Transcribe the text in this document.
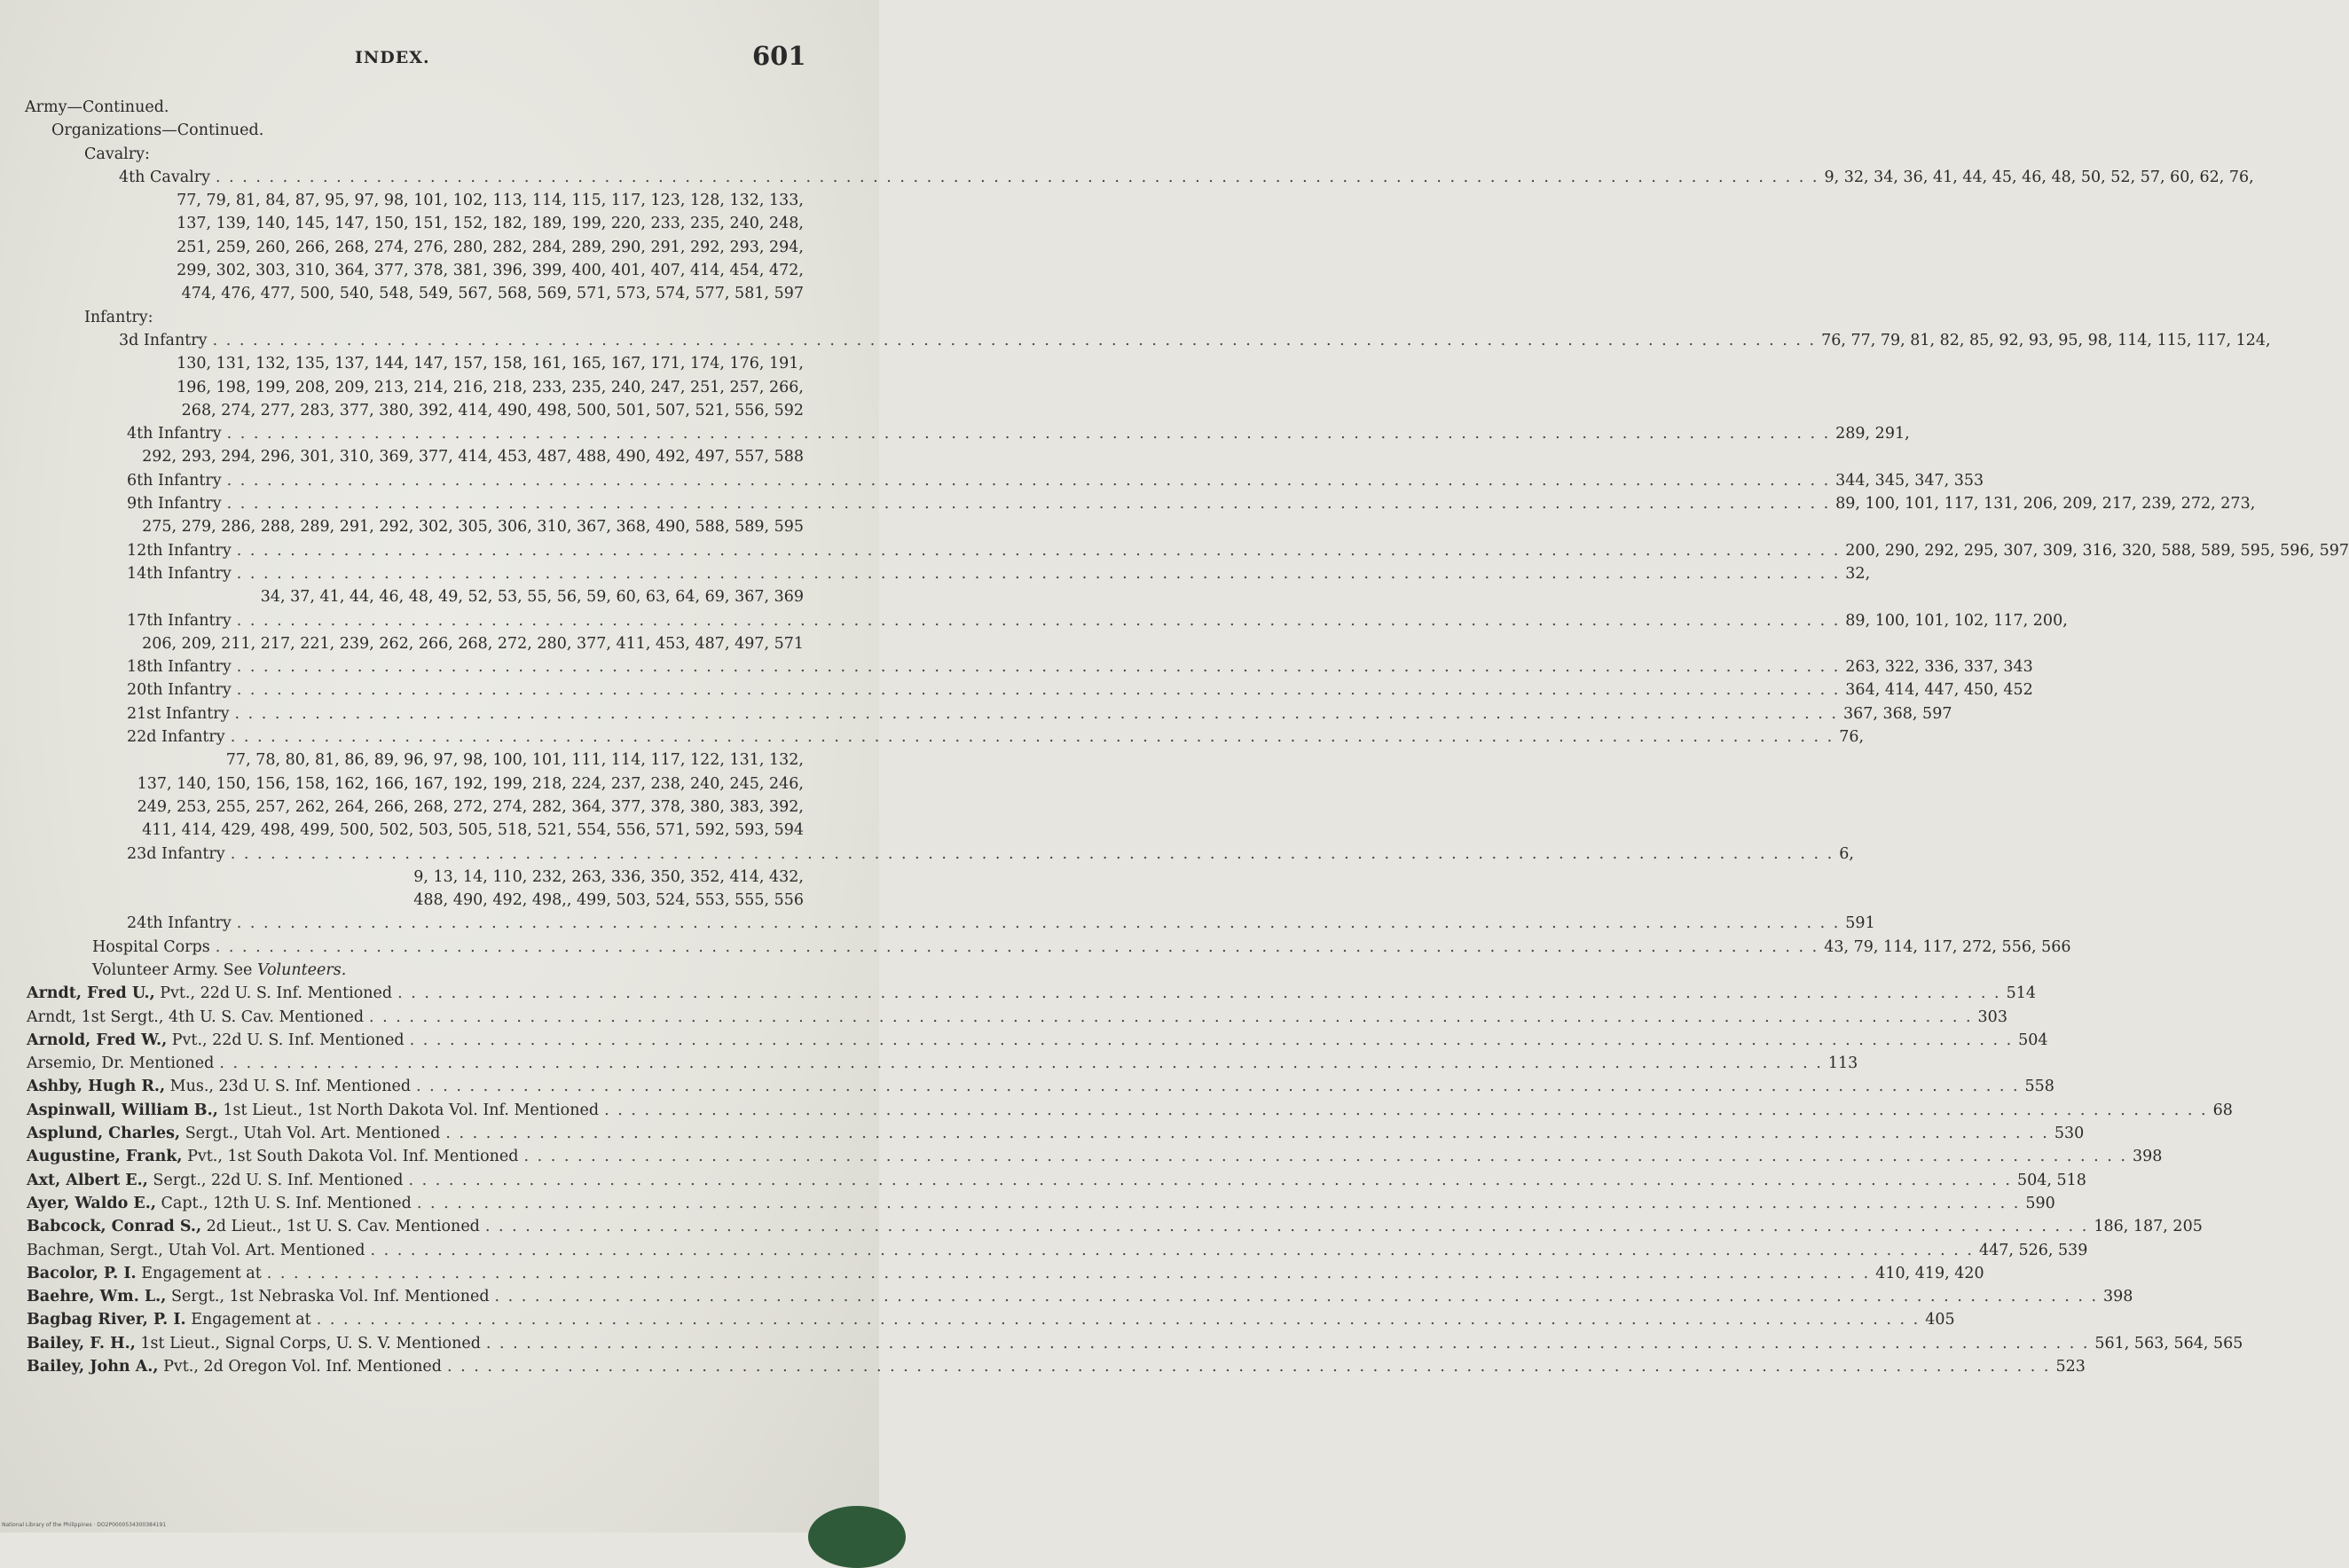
INDEX.	601
Army—Continued.
Organizations—Continued.
Cavalry:
4th Cavalry . . . . . . . . . . . . . . . . . . . . . . . . . . . . . . . . . . . . . . . . . . . . . . . . . . . . . . . . . . . . . . . . . . . . . . . . . . . . . . . . . . . . . . . . . . . . . . . . . . . . . . . . . . . . . . . . . . . . . . . . 9, 32, 34, 36, 41, 44, 45, 46, 48, 50, 52, 57, 60, 62, 76,
77, 79, 81, 84, 87, 95, 97, 98, 101, 102, 113, 114, 115, 117, 123, 128, 132, 133,
137, 139, 140, 145, 147, 150, 151, 152, 182, 189, 199, 220, 233, 235, 240, 248,
251, 259, 260, 266, 268, 274, 276, 280, 282, 284, 289, 290, 291, 292, 293, 294,
299, 302, 303, 310, 364, 377, 378, 381, 396, 399, 400, 401, 407, 414, 454, 472,
474, 476, 477, 500, 540, 548, 549, 567, 568, 569, 571, 573, 574, 577, 581, 597
Infantry:
3d Infantry . . . . . . . . . . . . . . . . . . . . . . . . . . . . . . . . . . . . . . . . . . . . . . . . . . . . . . . . . . . . . . . . . . . . . . . . . . . . . . . . . . . . . . . . . . . . . . . . . . . . . . . . . . . . . . . . . . . . . . . . 76, 77, 79, 81, 82, 85, 92, 93, 95, 98, 114, 115, 117, 124,
130, 131, 132, 135, 137, 144, 147, 157, 158, 161, 165, 167, 171, 174, 176, 191,
196, 198, 199, 208, 209, 213, 214, 216, 218, 233, 235, 240, 247, 251, 257, 266,
268, 274, 277, 283, 377, 380, 392, 414, 490, 498, 500, 501, 507, 521, 556, 592
4th Infantry . . . . . . . . . . . . . . . . . . . . . . . . . . . . . . . . . . . . . . . . . . . . . . . . . . . . . . . . . . . . . . . . . . . . . . . . . . . . . . . . . . . . . . . . . . . . . . . . . . . . . . . . . . . . . . . . . . . . . . . . 289, 291,
292, 293, 294, 296, 301, 310, 369, 377, 414, 453, 487, 488, 490, 492, 497, 557, 588
6th Infantry . . . . . . . . . . . . . . . . . . . . . . . . . . . . . . . . . . . . . . . . . . . . . . . . . . . . . . . . . . . . . . . . . . . . . . . . . . . . . . . . . . . . . . . . . . . . . . . . . . . . . . . . . . . . . . . . . . . . . . . . 344, 345, 347, 353
9th Infantry . . . . . . . . . . . . . . . . . . . . . . . . . . . . . . . . . . . . . . . . . . . . . . . . . . . . . . . . . . . . . . . . . . . . . . . . . . . . . . . . . . . . . . . . . . . . . . . . . . . . . . . . . . . . . . . . . . . . . . . . 89, 100, 101, 117, 131, 206, 209, 217, 239, 272, 273,
275, 279, 286, 288, 289, 291, 292, 302, 305, 306, 310, 367, 368, 490, 588, 589, 595
12th Infantry . . . . . . . . . . . . . . . . . . . . . . . . . . . . . . . . . . . . . . . . . . . . . . . . . . . . . . . . . . . . . . . . . . . . . . . . . . . . . . . . . . . . . . . . . . . . . . . . . . . . . . . . . . . . . . . . . . . . . . . . 200, 290, 292, 295, 307, 309, 316, 320, 588, 589, 595, 596, 597
14th Infantry . . . . . . . . . . . . . . . . . . . . . . . . . . . . . . . . . . . . . . . . . . . . . . . . . . . . . . . . . . . . . . . . . . . . . . . . . . . . . . . . . . . . . . . . . . . . . . . . . . . . . . . . . . . . . . . . . . . . . . . . 32,
34, 37, 41, 44, 46, 48, 49, 52, 53, 55, 56, 59, 60, 63, 64, 69, 367, 369
17th Infantry . . . . . . . . . . . . . . . . . . . . . . . . . . . . . . . . . . . . . . . . . . . . . . . . . . . . . . . . . . . . . . . . . . . . . . . . . . . . . . . . . . . . . . . . . . . . . . . . . . . . . . . . . . . . . . . . . . . . . . . . 89, 100, 101, 102, 117, 200,
206, 209, 211, 217, 221, 239, 262, 266, 268, 272, 280, 377, 411, 453, 487, 497, 571
18th Infantry . . . . . . . . . . . . . . . . . . . . . . . . . . . . . . . . . . . . . . . . . . . . . . . . . . . . . . . . . . . . . . . . . . . . . . . . . . . . . . . . . . . . . . . . . . . . . . . . . . . . . . . . . . . . . . . . . . . . . . . . 263, 322, 336, 337, 343
20th Infantry . . . . . . . . . . . . . . . . . . . . . . . . . . . . . . . . . . . . . . . . . . . . . . . . . . . . . . . . . . . . . . . . . . . . . . . . . . . . . . . . . . . . . . . . . . . . . . . . . . . . . . . . . . . . . . . . . . . . . . . . 364, 414, 447, 450, 452
21st Infantry . . . . . . . . . . . . . . . . . . . . . . . . . . . . . . . . . . . . . . . . . . . . . . . . . . . . . . . . . . . . . . . . . . . . . . . . . . . . . . . . . . . . . . . . . . . . . . . . . . . . . . . . . . . . . . . . . . . . . . . . 367, 368, 597
22d Infantry . . . . . . . . . . . . . . . . . . . . . . . . . . . . . . . . . . . . . . . . . . . . . . . . . . . . . . . . . . . . . . . . . . . . . . . . . . . . . . . . . . . . . . . . . . . . . . . . . . . . . . . . . . . . . . . . . . . . . . . . 76,
77, 78, 80, 81, 86, 89, 96, 97, 98, 100, 101, 111, 114, 117, 122, 131, 132,
137, 140, 150, 156, 158, 162, 166, 167, 192, 199, 218, 224, 237, 238, 240, 245, 246,
249, 253, 255, 257, 262, 264, 266, 268, 272, 274, 282, 364, 377, 378, 380, 383, 392,
411, 414, 429, 498, 499, 500, 502, 503, 505, 518, 521, 554, 556, 571, 592, 593, 594
23d Infantry . . . . . . . . . . . . . . . . . . . . . . . . . . . . . . . . . . . . . . . . . . . . . . . . . . . . . . . . . . . . . . . . . . . . . . . . . . . . . . . . . . . . . . . . . . . . . . . . . . . . . . . . . . . . . . . . . . . . . . . . 6,
9, 13, 14, 110, 232, 263, 336, 350, 352, 414, 432,
488, 490, 492, 498,, 499, 503, 524, 553, 555, 556
24th Infantry . . . . . . . . . . . . . . . . . . . . . . . . . . . . . . . . . . . . . . . . . . . . . . . . . . . . . . . . . . . . . . . . . . . . . . . . . . . . . . . . . . . . . . . . . . . . . . . . . . . . . . . . . . . . . . . . . . . . . . . . 591
Hospital Corps . . . . . . . . . . . . . . . . . . . . . . . . . . . . . . . . . . . . . . . . . . . . . . . . . . . . . . . . . . . . . . . . . . . . . . . . . . . . . . . . . . . . . . . . . . . . . . . . . . . . . . . . . . . . . . . . . . . . . . . . 43, 79, 114, 117, 272, 556, 566
Volunteer Army. See Volunteers.
Arndt, Fred U., Pvt., 22d U. S. Inf. Mentioned . . . . . . . . . . . . . . . . . . . . . . . . . . . . . . . . . . . . . . . . . . . . . . . . . . . . . . . . . . . . . . . . . . . . . . . . . . . . . . . . . . . . . . . . . . . . . . . . . . . . . . . . . . . . . . . . . . . . . . . . 514
Arndt, 1st Sergt., 4th U. S. Cav. Mentioned . . . . . . . . . . . . . . . . . . . . . . . . . . . . . . . . . . . . . . . . . . . . . . . . . . . . . . . . . . . . . . . . . . . . . . . . . . . . . . . . . . . . . . . . . . . . . . . . . . . . . . . . . . . . . . . . . . . . . . . . 303
Arnold, Fred W., Pvt., 22d U. S. Inf. Mentioned . . . . . . . . . . . . . . . . . . . . . . . . . . . . . . . . . . . . . . . . . . . . . . . . . . . . . . . . . . . . . . . . . . . . . . . . . . . . . . . . . . . . . . . . . . . . . . . . . . . . . . . . . . . . . . . . . . . . . . . . 504
Arsemio, Dr. Mentioned . . . . . . . . . . . . . . . . . . . . . . . . . . . . . . . . . . . . . . . . . . . . . . . . . . . . . . . . . . . . . . . . . . . . . . . . . . . . . . . . . . . . . . . . . . . . . . . . . . . . . . . . . . . . . . . . . . . . . . . . 113
Ashby, Hugh R., Mus., 23d U. S. Inf. Mentioned . . . . . . . . . . . . . . . . . . . . . . . . . . . . . . . . . . . . . . . . . . . . . . . . . . . . . . . . . . . . . . . . . . . . . . . . . . . . . . . . . . . . . . . . . . . . . . . . . . . . . . . . . . . . . . . . . . . . . . . . 558
Aspinwall, William B., 1st Lieut., 1st North Dakota Vol. Inf. Mentioned . . . . . . . . . . . . . . . . . . . . . . . . . . . . . . . . . . . . . . . . . . . . . . . . . . . . . . . . . . . . . . . . . . . . . . . . . . . . . . . . . . . . . . . . . . . . . . . . . . . . . . . . . . . . . . . . . . . . . . . . 68
Asplund, Charles, Sergt., Utah Vol. Art. Mentioned . . . . . . . . . . . . . . . . . . . . . . . . . . . . . . . . . . . . . . . . . . . . . . . . . . . . . . . . . . . . . . . . . . . . . . . . . . . . . . . . . . . . . . . . . . . . . . . . . . . . . . . . . . . . . . . . . . . . . . . . 530
Augustine, Frank, Pvt., 1st South Dakota Vol. Inf. Mentioned . . . . . . . . . . . . . . . . . . . . . . . . . . . . . . . . . . . . . . . . . . . . . . . . . . . . . . . . . . . . . . . . . . . . . . . . . . . . . . . . . . . . . . . . . . . . . . . . . . . . . . . . . . . . . . . . . . . . . . . . 398
Axt, Albert E., Sergt., 22d U. S. Inf. Mentioned . . . . . . . . . . . . . . . . . . . . . . . . . . . . . . . . . . . . . . . . . . . . . . . . . . . . . . . . . . . . . . . . . . . . . . . . . . . . . . . . . . . . . . . . . . . . . . . . . . . . . . . . . . . . . . . . . . . . . . . . 504, 518
Ayer, Waldo E., Capt., 12th U. S. Inf. Mentioned . . . . . . . . . . . . . . . . . . . . . . . . . . . . . . . . . . . . . . . . . . . . . . . . . . . . . . . . . . . . . . . . . . . . . . . . . . . . . . . . . . . . . . . . . . . . . . . . . . . . . . . . . . . . . . . . . . . . . . . . 590
Babcock, Conrad S., 2d Lieut., 1st U. S. Cav. Mentioned . . . . . . . . . . . . . . . . . . . . . . . . . . . . . . . . . . . . . . . . . . . . . . . . . . . . . . . . . . . . . . . . . . . . . . . . . . . . . . . . . . . . . . . . . . . . . . . . . . . . . . . . . . . . . . . . . . . . . . . . 186, 187, 205
Bachman, Sergt., Utah Vol. Art. Mentioned . . . . . . . . . . . . . . . . . . . . . . . . . . . . . . . . . . . . . . . . . . . . . . . . . . . . . . . . . . . . . . . . . . . . . . . . . . . . . . . . . . . . . . . . . . . . . . . . . . . . . . . . . . . . . . . . . . . . . . . . 447, 526, 539
Bacolor, P. I. Engagement at . . . . . . . . . . . . . . . . . . . . . . . . . . . . . . . . . . . . . . . . . . . . . . . . . . . . . . . . . . . . . . . . . . . . . . . . . . . . . . . . . . . . . . . . . . . . . . . . . . . . . . . . . . . . . . . . . . . . . . . . 410, 419, 420
Baehre, Wm. L., Sergt., 1st Nebraska Vol. Inf. Mentioned . . . . . . . . . . . . . . . . . . . . . . . . . . . . . . . . . . . . . . . . . . . . . . . . . . . . . . . . . . . . . . . . . . . . . . . . . . . . . . . . . . . . . . . . . . . . . . . . . . . . . . . . . . . . . . . . . . . . . . . . 398
Bagbag River, P. I. Engagement at . . . . . . . . . . . . . . . . . . . . . . . . . . . . . . . . . . . . . . . . . . . . . . . . . . . . . . . . . . . . . . . . . . . . . . . . . . . . . . . . . . . . . . . . . . . . . . . . . . . . . . . . . . . . . . . . . . . . . . . . 405
Bailey, F. H., 1st Lieut., Signal Corps, U. S. V. Mentioned . . . . . . . . . . . . . . . . . . . . . . . . . . . . . . . . . . . . . . . . . . . . . . . . . . . . . . . . . . . . . . . . . . . . . . . . . . . . . . . . . . . . . . . . . . . . . . . . . . . . . . . . . . . . . . . . . . . . . . . . 561, 563, 564, 565
Bailey, John A., Pvt., 2d Oregon Vol. Inf. Mentioned . . . . . . . . . . . . . . . . . . . . . . . . . . . . . . . . . . . . . . . . . . . . . . . . . . . . . . . . . . . . . . . . . . . . . . . . . . . . . . . . . . . . . . . . . . . . . . . . . . . . . . . . . . . . . . . . . . . . . . . . 523
National Library of the Philippines · DO2P0000534300384191
